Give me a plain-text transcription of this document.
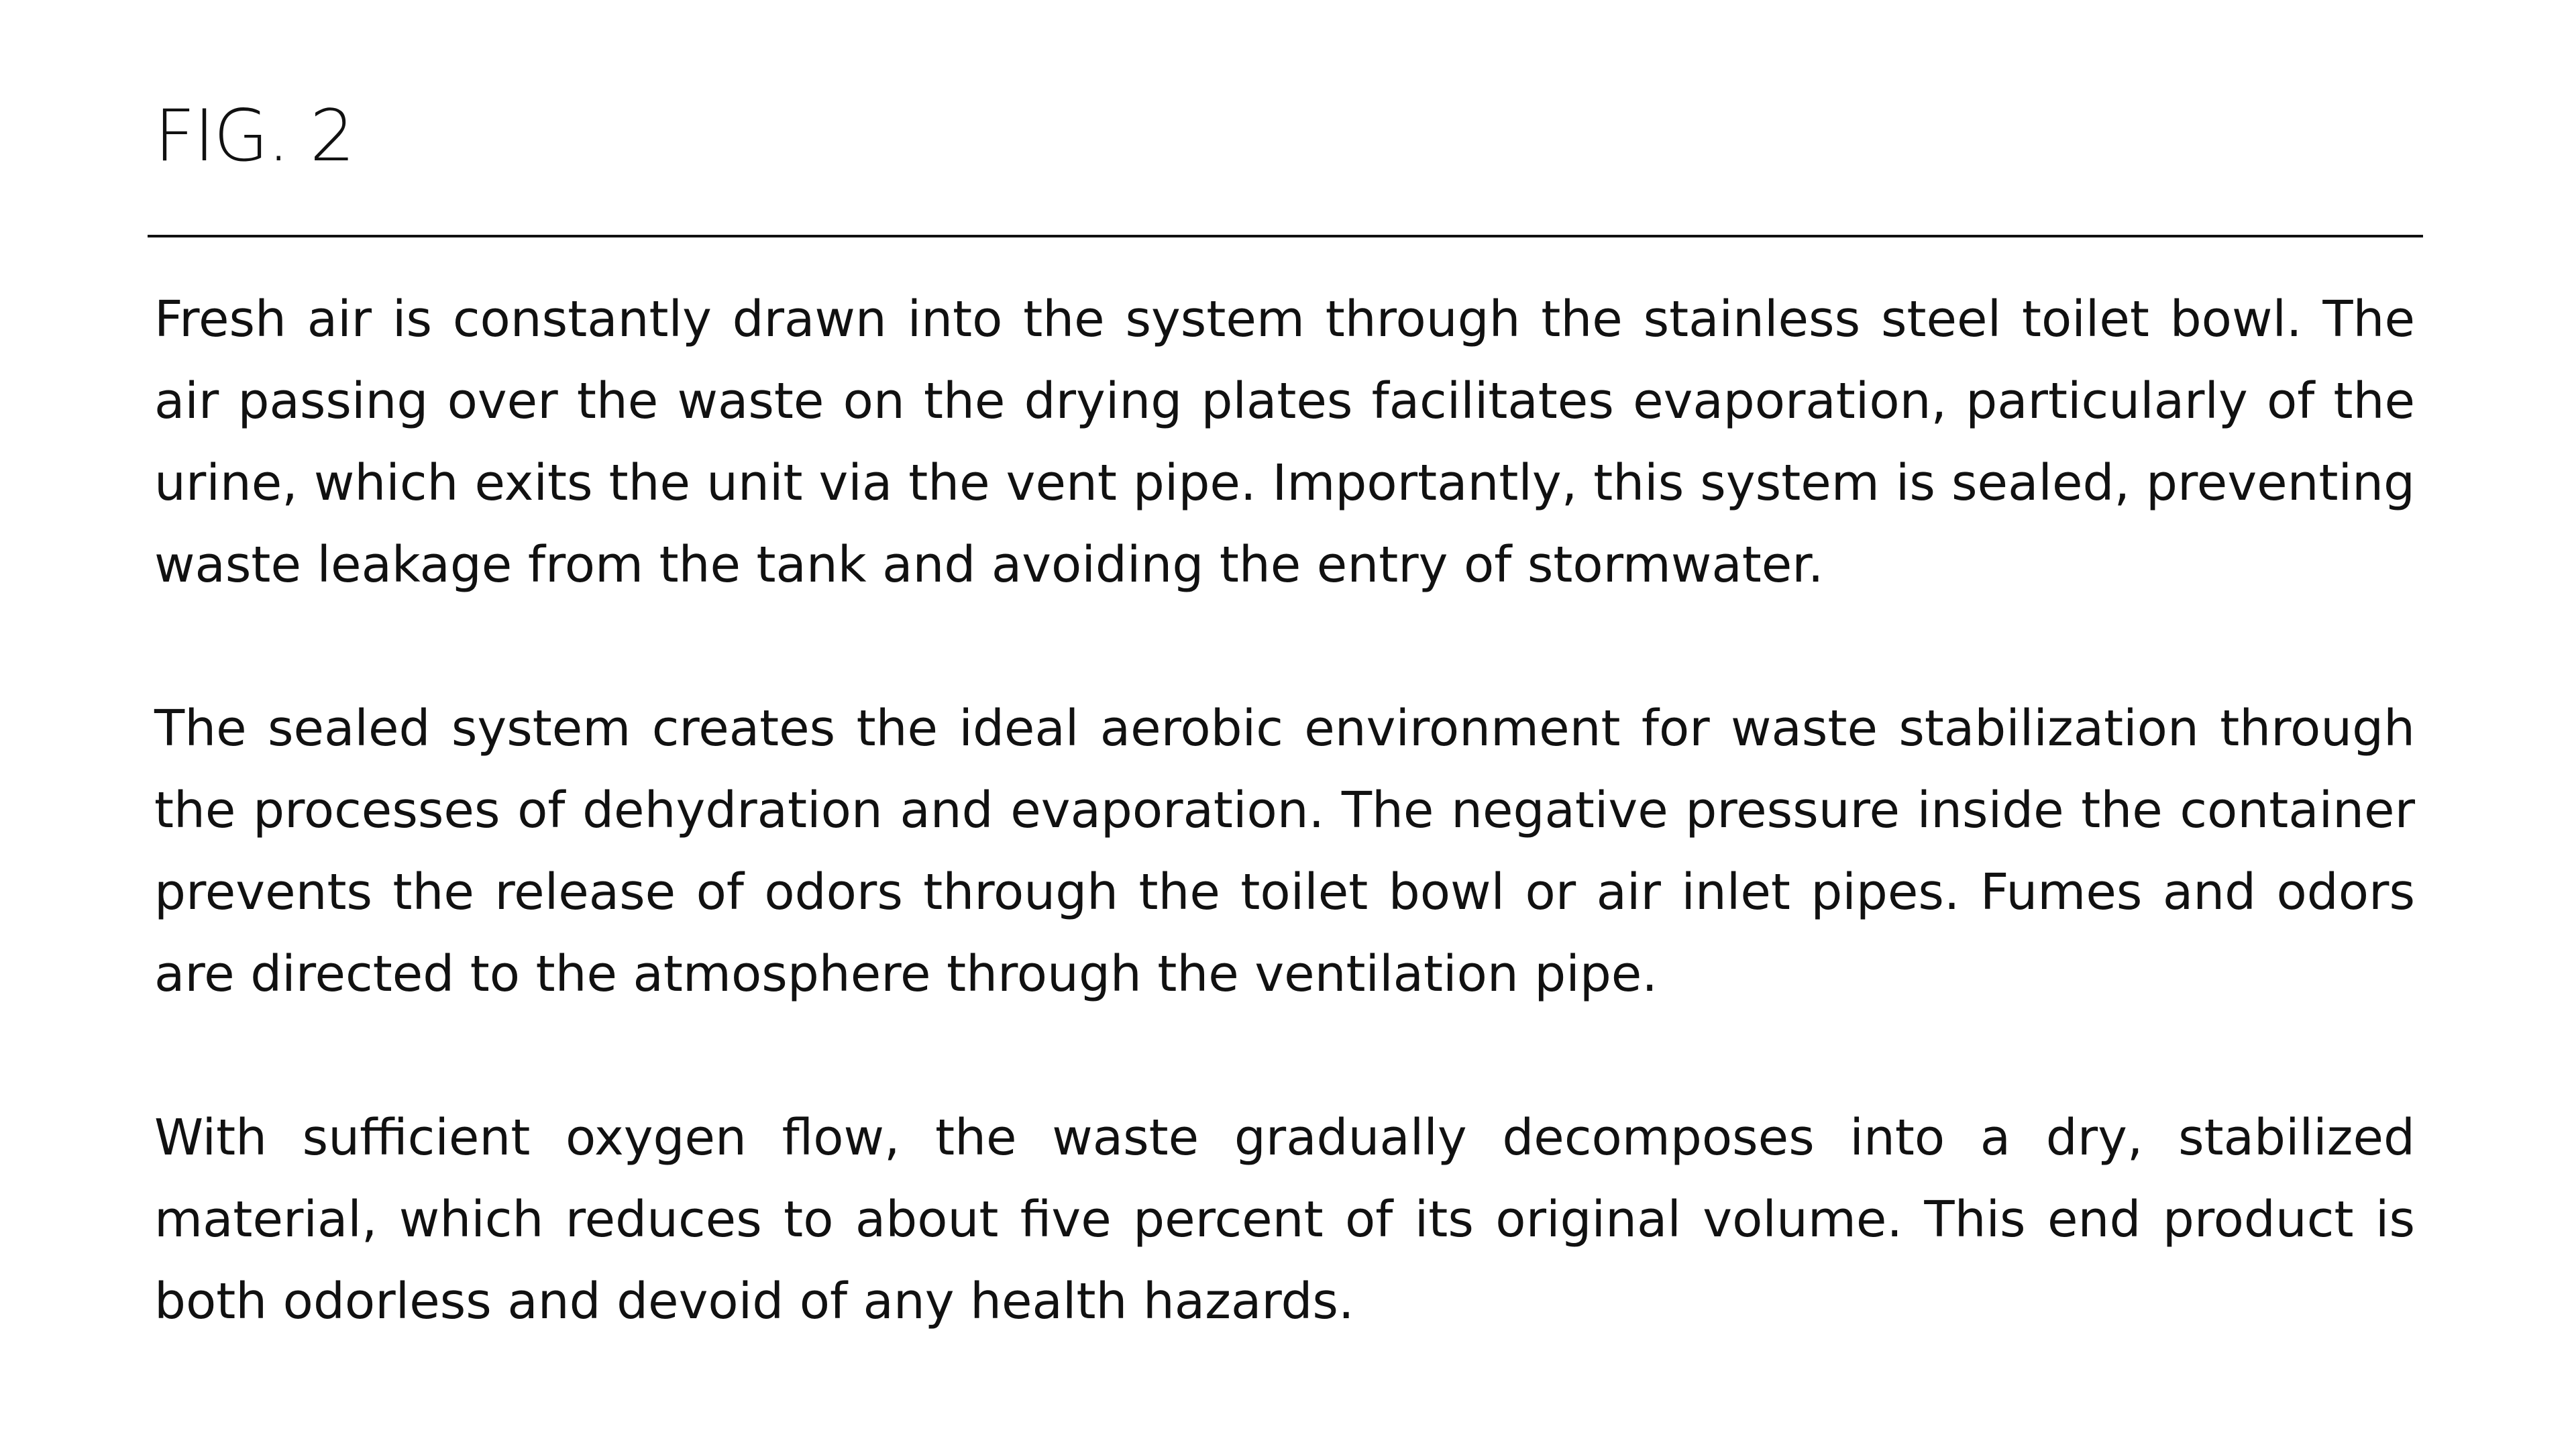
FIG. 2

Fresh air is constantly drawn into the system through the stainless steel toilet bowl. The air passing over the waste on the drying plates facilitates evaporation, particularly of the urine, which exits the unit via the vent pipe. Importantly, this system is sealed, preventing waste leakage from the tank and avoiding the entry of stormwater.

The sealed system creates the ideal aerobic environment for waste stabilization through the processes of dehydration and evaporation. The negative pressure inside the container prevents the release of odors through the toilet bowl or air inlet pipes. Fumes and odors are directed to the atmosphere through the ventilation pipe.

With sufficient oxygen flow, the waste gradually decomposes into a dry, stabilized material, which reduces to about five percent of its original volume. This end product is both odorless and devoid of any health hazards.
